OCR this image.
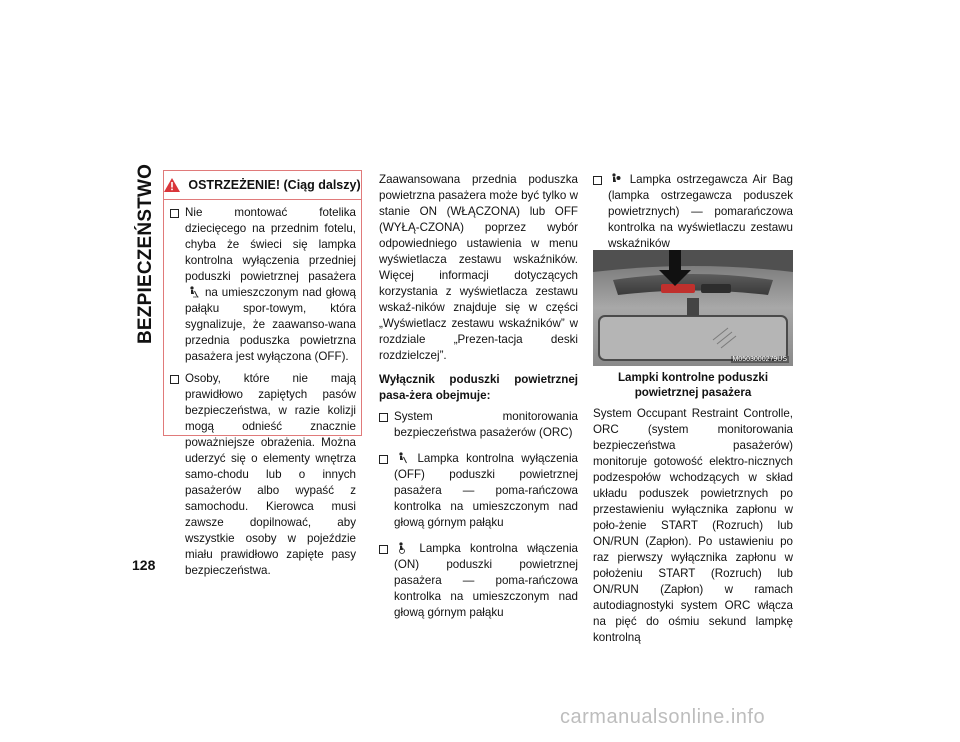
BEZPIECZEŃSTWO
128
OSTRZEŻENIE! (Ciąg dalszy)
Nie montować fotelika dziecięcego na przednim fotelu, chyba że świeci się lampka kontrolna wyłączenia przedniej poduszki powietrznej pasażera
OFF na umieszczonym nad głową pałąku spor-towym, która sygnalizuje, że zaawanso-wana przednia poduszka powietrzna pasażera jest wyłączona (OFF).
Osoby, które nie mają prawidłowo zapiętych pasów bezpieczeństwa, w razie kolizji mogą odnieść znacznie poważniejsze obrażenia. Można uderzyć się o elementy wnętrza samo-chodu lub o innych pasażerów albo wypaść z samochodu. Kierowca musi zawsze dopilnować, aby wszystkie osoby w pojeździe miału prawidłowo zapięte pasy bezpieczeństwa.

Zaawansowana przednia poduszka powietrzna pasażera może być tylko w stanie ON (WŁĄCZONA) lub OFF (WYŁĄ-CZONA) poprzez wybór odpowiedniego ustawienia w menu wyświetlacza zestawu wskaźników. Więcej informacji dotyczących korzystania z wyświetlacza zestawu wskaź-ników znajduje się w części „Wyświetlacz zestawu wskaźników” w rozdziale „Prezen-tacja deski rozdzielczej”.

Wyłącznik poduszki powietrznej pasa-żera obejmuje:

System monitorowania bezpieczeństwa pasażerów (ORC)
Lampka kontrolna wyłączenia (OFF) poduszki powietrznej pasażera — poma-rańczowa kontrolka na umieszczonym nad głową górnym pałąku
Lampka kontrolna włączenia (ON) poduszki powietrznej pasażera — poma-rańczowa kontrolka na umieszczonym nad głową górnym pałąku
Lampka ostrzegawcza Air Bag (lampka ostrzegawcza poduszek powietrznych) — pomarańczowa kontrolka na wyświetlaczu zestawu wskaźników
M0503000279US
Lampki kontrolne poduszki powietrznej pasażera

System Occupant Restraint Controlle, ORC (system monitorowania bezpieczeństwa pasażerów) monitoruje gotowość elektro-nicznych podzespołów wchodzących w skład układu poduszek powietrznych po przestawieniu wyłącznika zapłonu w poło-żenie START (Rozruch) lub ON/RUN (Zapłon). Po ustawieniu po raz pierwszy wyłącznika zapłonu w położeniu START (Rozruch) lub ON/RUN (Zapłon) w ramach autodiagnostyki system ORC włącza na pięć do ośmiu sekund lampkę kontrolną

carmanualsonline.info
